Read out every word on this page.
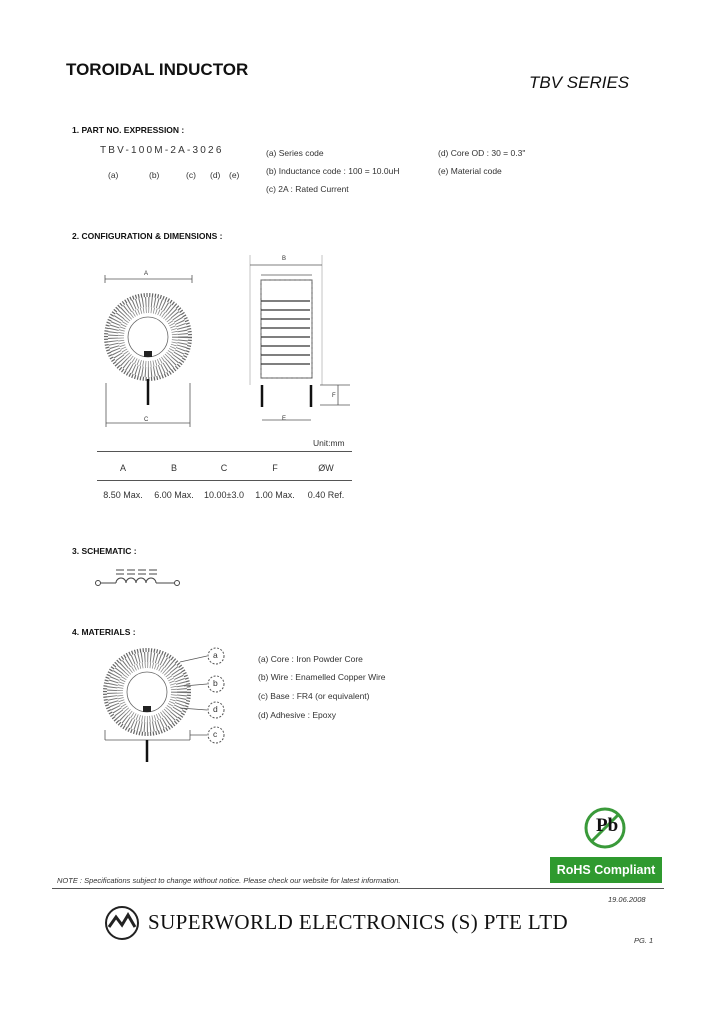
TOROIDAL INDUCTOR
TBV SERIES
1. PART NO. EXPRESSION :
TBV-100M-2A-3026
(a)	(b)	(c) (d) (e)
(a) Series code
(b) Inductance code : 100 = 10.0uH
(c) 2A : Rated Current
(d) Core OD : 30 = 0.3"
(e) Material code
2. CONFIGURATION & DIMENSIONS :
A
B
C	E
F
Unit:mm
A	B	C	F	ØW
8.50 Max.	6.00 Max.	10.00±3.0	1.00 Max.	0.40 Ref.
3. SCHEMATIC :
4. MATERIALS :
a
b
d
c
(a) Core : Iron Powder Core
(b) Wire : Enamelled Copper Wire
(c) Base : FR4 (or equivalent)
(d) Adhesive : Epoxy
Pb
RoHS Compliant
NOTE : Specifications subject to change without notice. Please check our website for latest information.
19.06.2008
SUPERWORLD ELECTRONICS (S) PTE LTD
PG. 1
